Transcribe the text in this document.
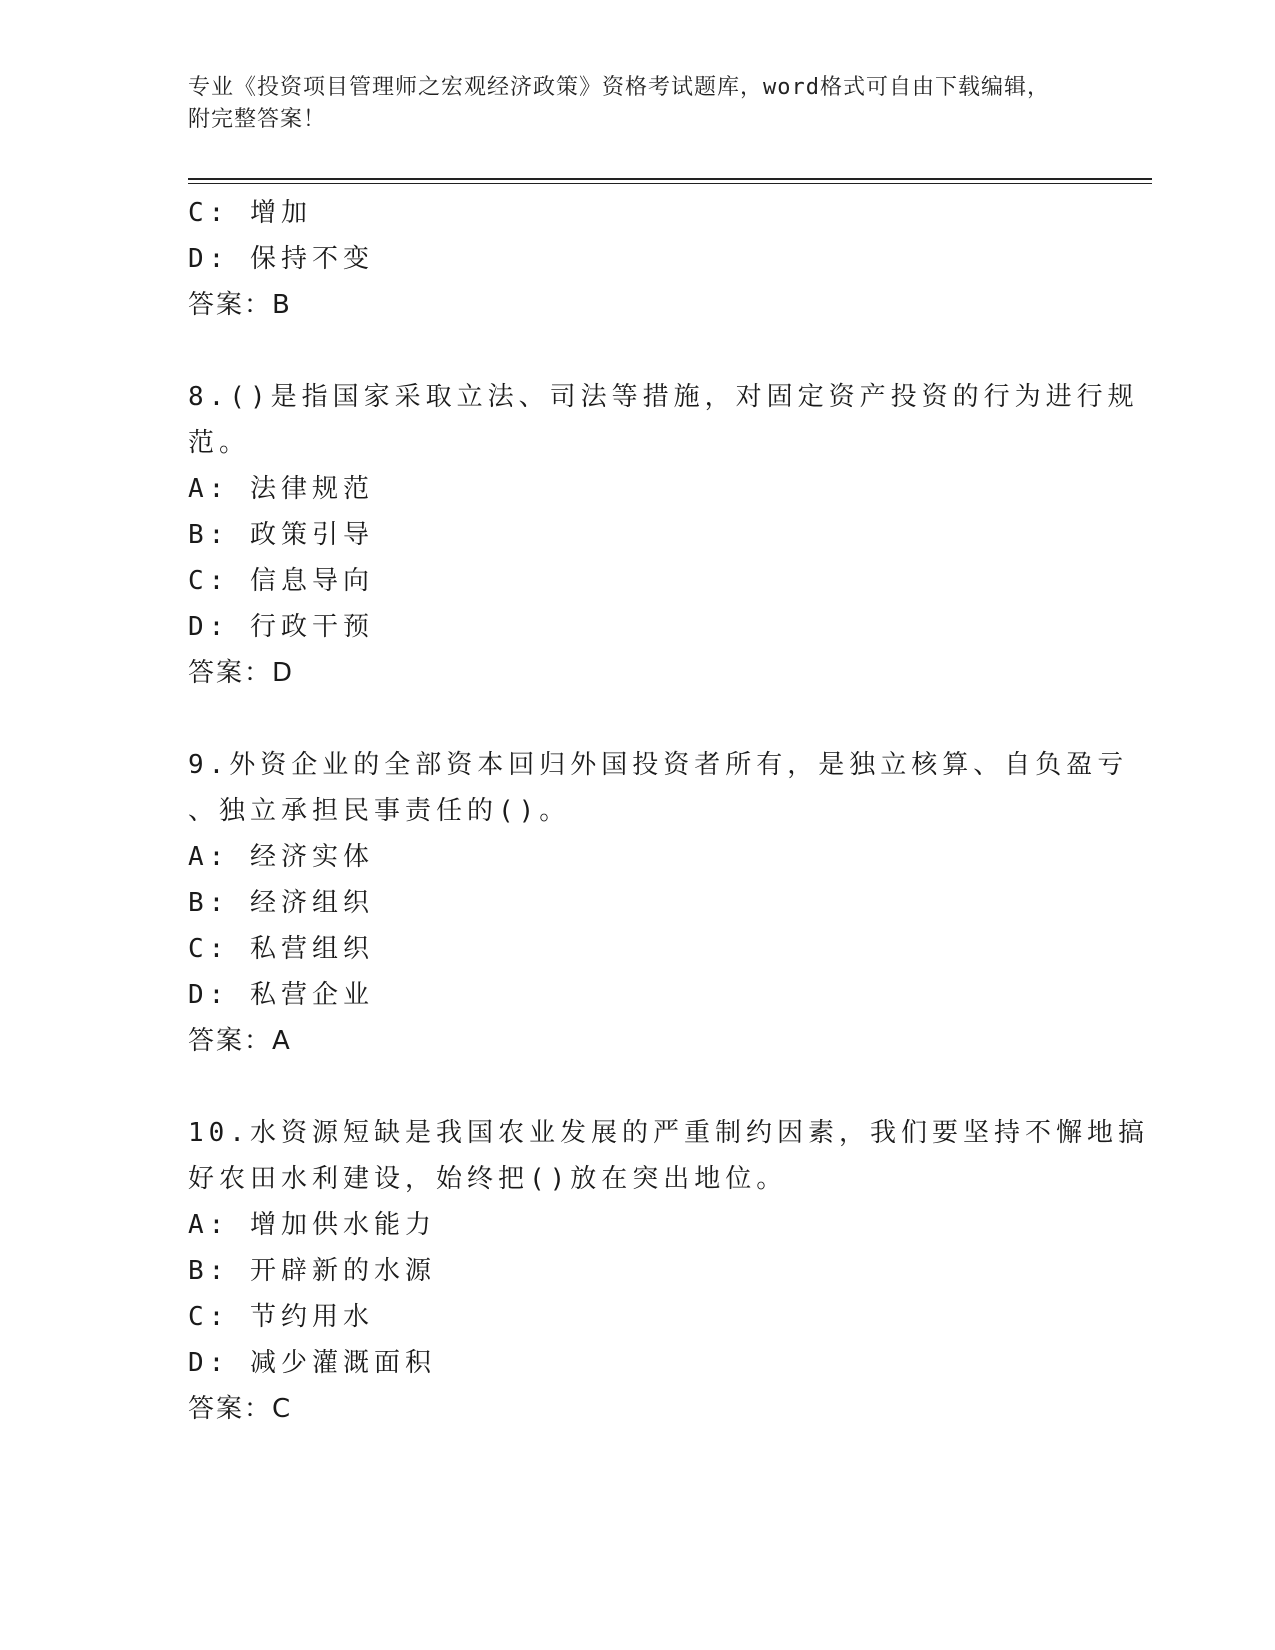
专业《投资项目管理师之宏观经济政策》资格考试题库，word格式可自由下载编辑，附完整答案！
C: 增加
D: 保持不变
答案：B
8.()是指国家采取立法、司法等措施，对固定资产投资的行为进行规
范。
A: 法律规范
B: 政策引导
C: 信息导向
D: 行政干预
答案：D
9.外资企业的全部资本回归外国投资者所有，是独立核算、自负盈亏
、独立承担民事责任的()。
A: 经济实体
B: 经济组织
C: 私营组织
D: 私营企业
答案：A
10.水资源短缺是我国农业发展的严重制约因素，我们要坚持不懈地搞
好农田水利建设，始终把()放在突出地位。
A: 增加供水能力
B: 开辟新的水源
C: 节约用水
D: 减少灌溉面积
答案：C
